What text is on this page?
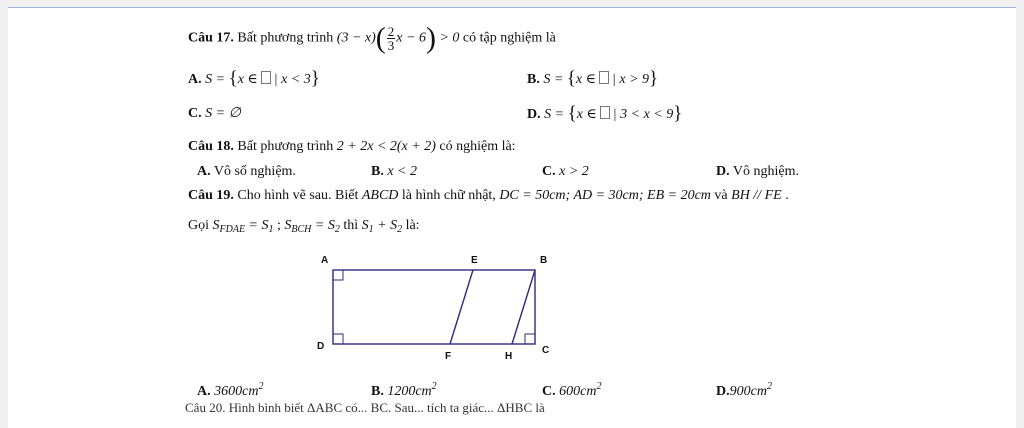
Câu 17. Bất phương trình $(3 - x)( \frac{2}{3}$ x − 6) > 0 có tập nghiệm là
A. S = {x ∈ | x < 3}	B. S = {x ∈ | x > 9}
C. S = ∅	D. S = {x ∈ | 3 < x < 9}
Câu 18. Bất phương trình 2 + 2x < 2(x + 2) có nghiệm là:
A. Vô số nghiệm.	B. x < 2	C. x > 2	D. Vô nghiệm.
Câu 19. Cho hình vẽ sau. Biết ABCD là hình chữ nhật, DC = 50cm; AD = 30cm; EB = 20cm và BH // FE .
Gọi $S_{FDAE} = S_1$ ; $S_{BCH} = S_2$ thì $S_1 + S_2$ là:
A	E	B
D
F	H
C
A. $3600cm^2$	B. $1200cm^2$	C. $600cm^2$	$D.900cm^2$
Câu 20. Hình bình biết ΔABC có... BC. Sau... tích ta giác... ΔHBC là
